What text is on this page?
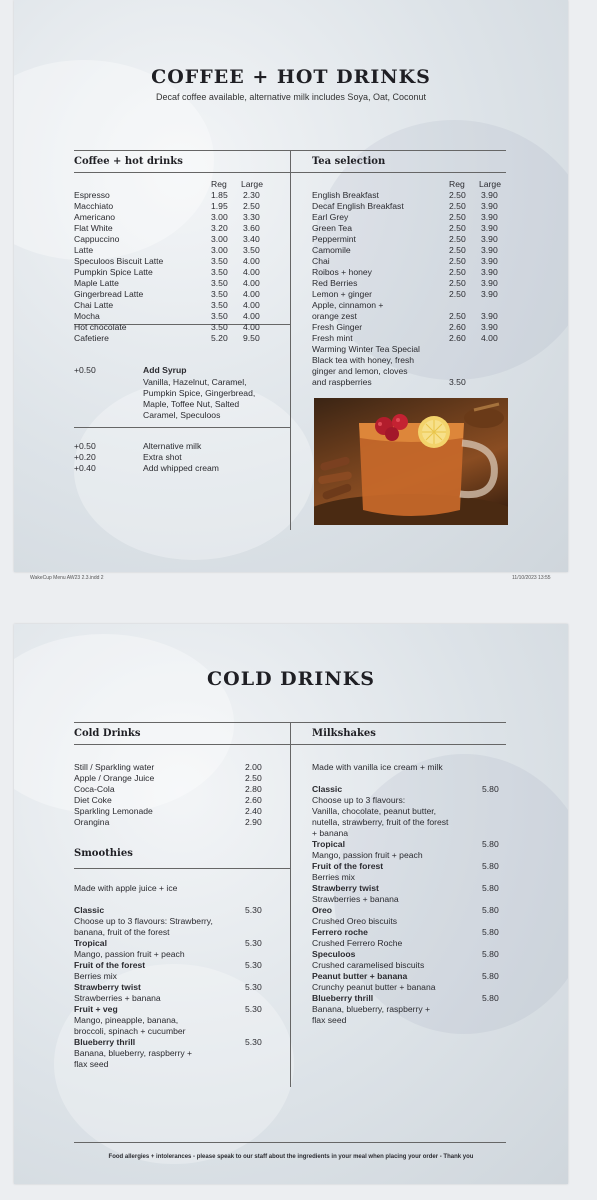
COFFEE + HOT DRINKS
Decaf coffee available, alternative milk includes Soya, Oat, Coconut
Coffee + hot drinks
Reg Large
Espresso
Macchiato
Americano
Flat White
Cappuccino
Latte
Speculoos Biscuit Latte
Pumpkin Spice Latte
Maple Latte
Gingerbread Latte
Chai Latte
Mocha
Hot chocolate
Cafetiere
1.85
1.95
3.00
3.20
3.00
3.00
3.50
3.50
3.50
3.50
3.50
3.50
3.50
5.20
2.30
2.50
3.30
3.60
3.40
3.50
4.00
4.00
4.00
4.00
4.00
4.00
4.00
9.50
+0.50	Add Syrup
Vanilla, Hazelnut, Caramel,
Pumpkin Spice, Gingerbread,
Maple, Toffee Nut, Salted
Caramel, Speculoos
+0.50
+0.20
+0.40
Alternative milk
Extra shot
Add whipped cream
Tea selection
Reg Large
English Breakfast
Decaf English Breakfast
Earl Grey
Green Tea
Peppermint
Camomile
Chai
Roibos + honey
Red Berries
Lemon + ginger
Apple, cinnamon +
orange zest
Fresh Ginger
Fresh mint
Warming Winter Tea Special
Black tea with honey, fresh
ginger and lemon, cloves
and raspberries
2.50
2.50
2.50
2.50
2.50
2.50
2.50
2.50
2.50
2.50
2.50
2.60
2.60
3.50
3.90
3.90
3.90
3.90
3.90
3.90
3.90
3.90
3.90
3.90
3.90
3.90
4.00
WakeCup Menu AW23 2.3.indd 2	11/10/2023 13:55
COLD DRINKS
Cold Drinks
Still / Sparkling water
Apple / Orange Juice
Coca-Cola
Diet Coke
Sparkling Lemonade
Orangina
2.00
2.50
2.80
2.60
2.40
2.90
Smoothies
Made with apple juice + ice
Classic
Choose up to 3 flavours: Strawberry,
banana, fruit of the forest
Tropical
Mango, passion fruit + peach
Fruit of the forest
Berries mix
Strawberry twist
Strawberries + banana
Fruit + veg
Mango, pineapple, banana,
broccoli, spinach + cucumber
Blueberry thrill
Banana, blueberry, raspberry +
flax seed
5.30
5.30
5.30
5.30
5.30
5.30
Milkshakes
Made with vanilla ice cream + milk
Classic
Choose up to 3 flavours:
Vanilla, chocolate, peanut butter,
nutella, strawberry, fruit of the forest
+ banana
Tropical
Mango, passion fruit + peach
Fruit of the forest
Berries mix
Strawberry twist
Strawberries + banana
Oreo
Crushed Oreo biscuits
Ferrero roche
Crushed Ferrero Roche
Speculoos
Crushed caramelised biscuits
Peanut butter + banana
Crunchy peanut butter + banana
Blueberry thrill
Banana, blueberry, raspberry +
flax seed
5.80
5.80
5.80
5.80
5.80
5.80
5.80
5.80
5.80
Food allergies + intolerances - please speak to our staff about the ingredients in your meal when placing your order - Thank you
